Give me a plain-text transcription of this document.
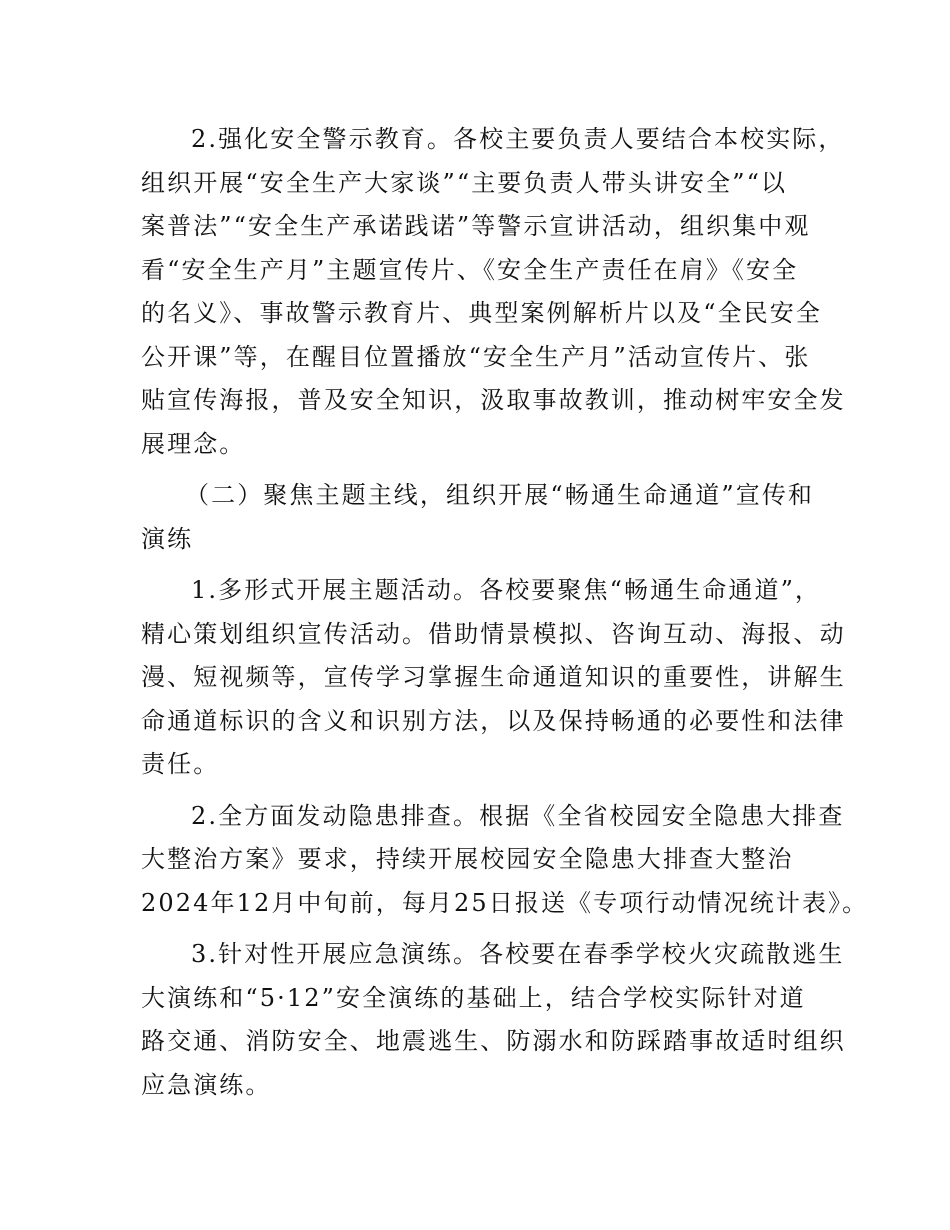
2.强化安全警示教育。各校主要负责人要结合本校实际，
组织开展“安全生产大家谈”“主要负责人带头讲安全”“以
案普法”“安全生产承诺践诺”等警示宣讲活动，组织集中观
看“安全生产月”主题宣传片、《安全生产责任在肩》《安全
的名义》、事故警示教育片、典型案例解析片以及“全民安全
公开课”等，在醒目位置播放“安全生产月”活动宣传片、张
贴宣传海报，普及安全知识，汲取事故教训，推动树牢安全发
展理念。
（二）聚焦主题主线，组织开展“畅通生命通道”宣传和
演练
1.多形式开展主题活动。各校要聚焦“畅通生命通道”，
精心策划组织宣传活动。借助情景模拟、咨询互动、海报、动
漫、短视频等，宣传学习掌握生命通道知识的重要性，讲解生
命通道标识的含义和识别方法，以及保持畅通的必要性和法律
责任。
2.全方面发动隐患排查。根据《全省校园安全隐患大排查
大整治方案》要求，持续开展校园安全隐患大排查大整治
2024年12月中旬前，每月25日报送《专项行动情况统计表》。
3.针对性开展应急演练。各校要在春季学校火灾疏散逃生
大演练和“5·12”安全演练的基础上，结合学校实际针对道
路交通、消防安全、地震逃生、防溺水和防踩踏事故适时组织
应急演练。
